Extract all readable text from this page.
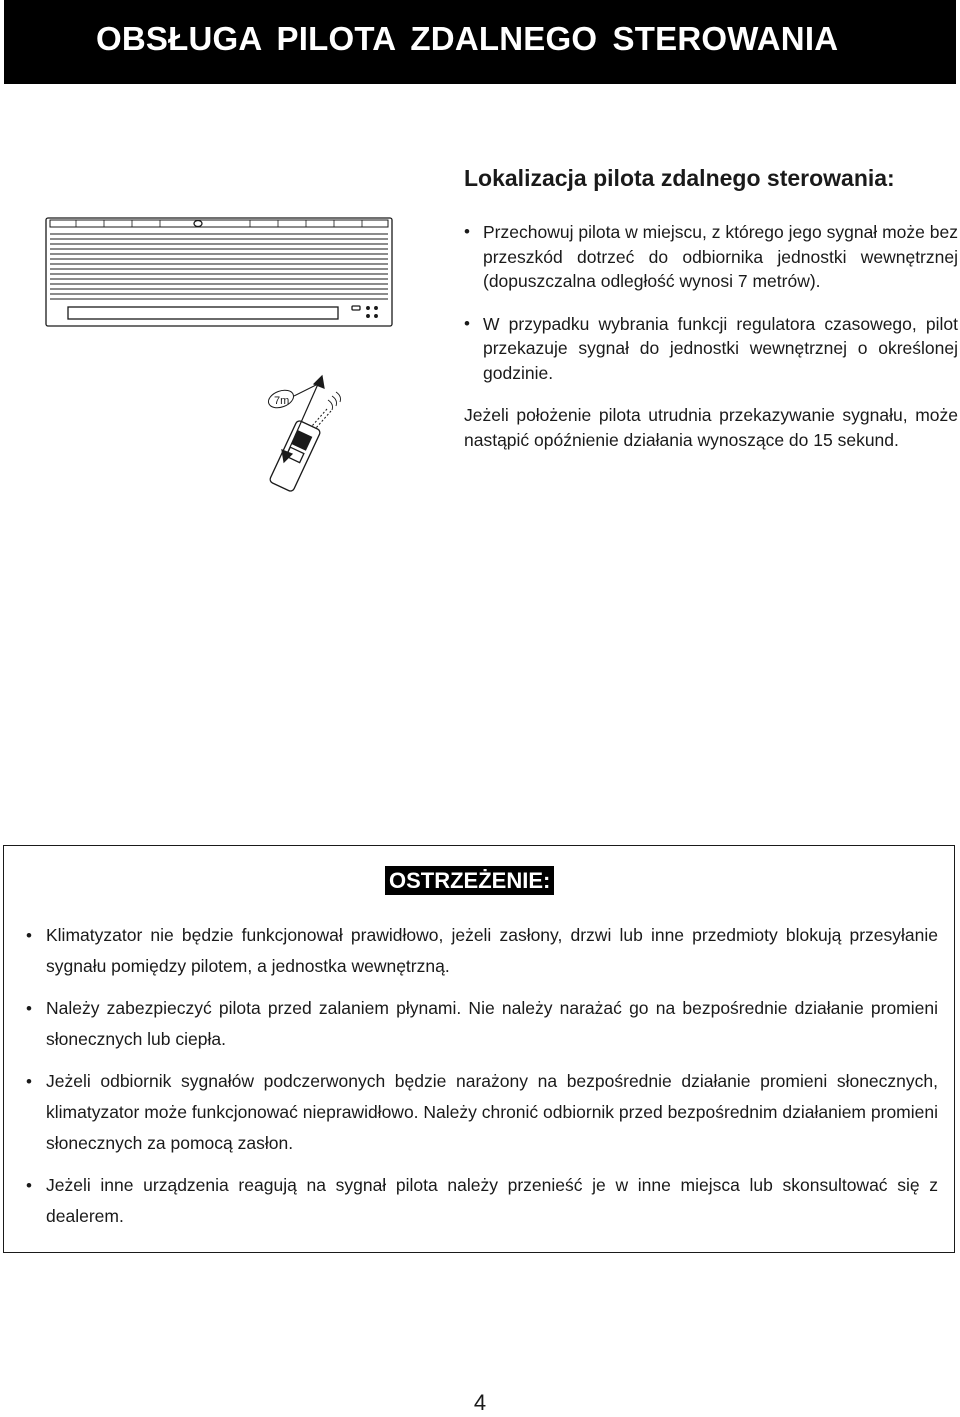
OBSŁUGA PILOTA ZDALNEGO STEROWANIA
7m
Lokalizacja pilota zdalnego sterowania:
• Przechowuj pilota w miejscu, z którego jego sygnał może bez przeszkód dotrzeć do odbiornika jednostki wewnętrznej (dopuszczalna odległość wynosi 7 metrów).
• W przypadku wybrania funkcji regulatora czasowego, pilot przekazuje sygnał do jednostki wewnętrznej o określonej godzinie.

Jeżeli położenie pilota utrudnia przekazywanie sygnału, może nastąpić opóźnienie działania wynoszące do 15 sekund.

OSTRZEŻENIE:
• Klimatyzator nie będzie funkcjonował prawidłowo, jeżeli zasłony, drzwi lub inne przedmioty blokują przesyłanie sygnału pomiędzy pilotem, a jednostka wewnętrzną.
• Należy zabezpieczyć pilota przed zalaniem płynami. Nie należy narażać go na bezpośrednie działanie promieni słonecznych lub ciepła.
• Jeżeli odbiornik sygnałów podczerwonych będzie narażony na bezpośrednie działanie promieni słonecznych, klimatyzator może funkcjonować nieprawidłowo. Należy chronić odbiornik przed bezpośrednim działaniem promieni słonecznych za pomocą zasłon.
• Jeżeli inne urządzenia reagują na sygnał pilota należy przenieść je w inne miejsca lub skonsultować się z dealerem.
4
